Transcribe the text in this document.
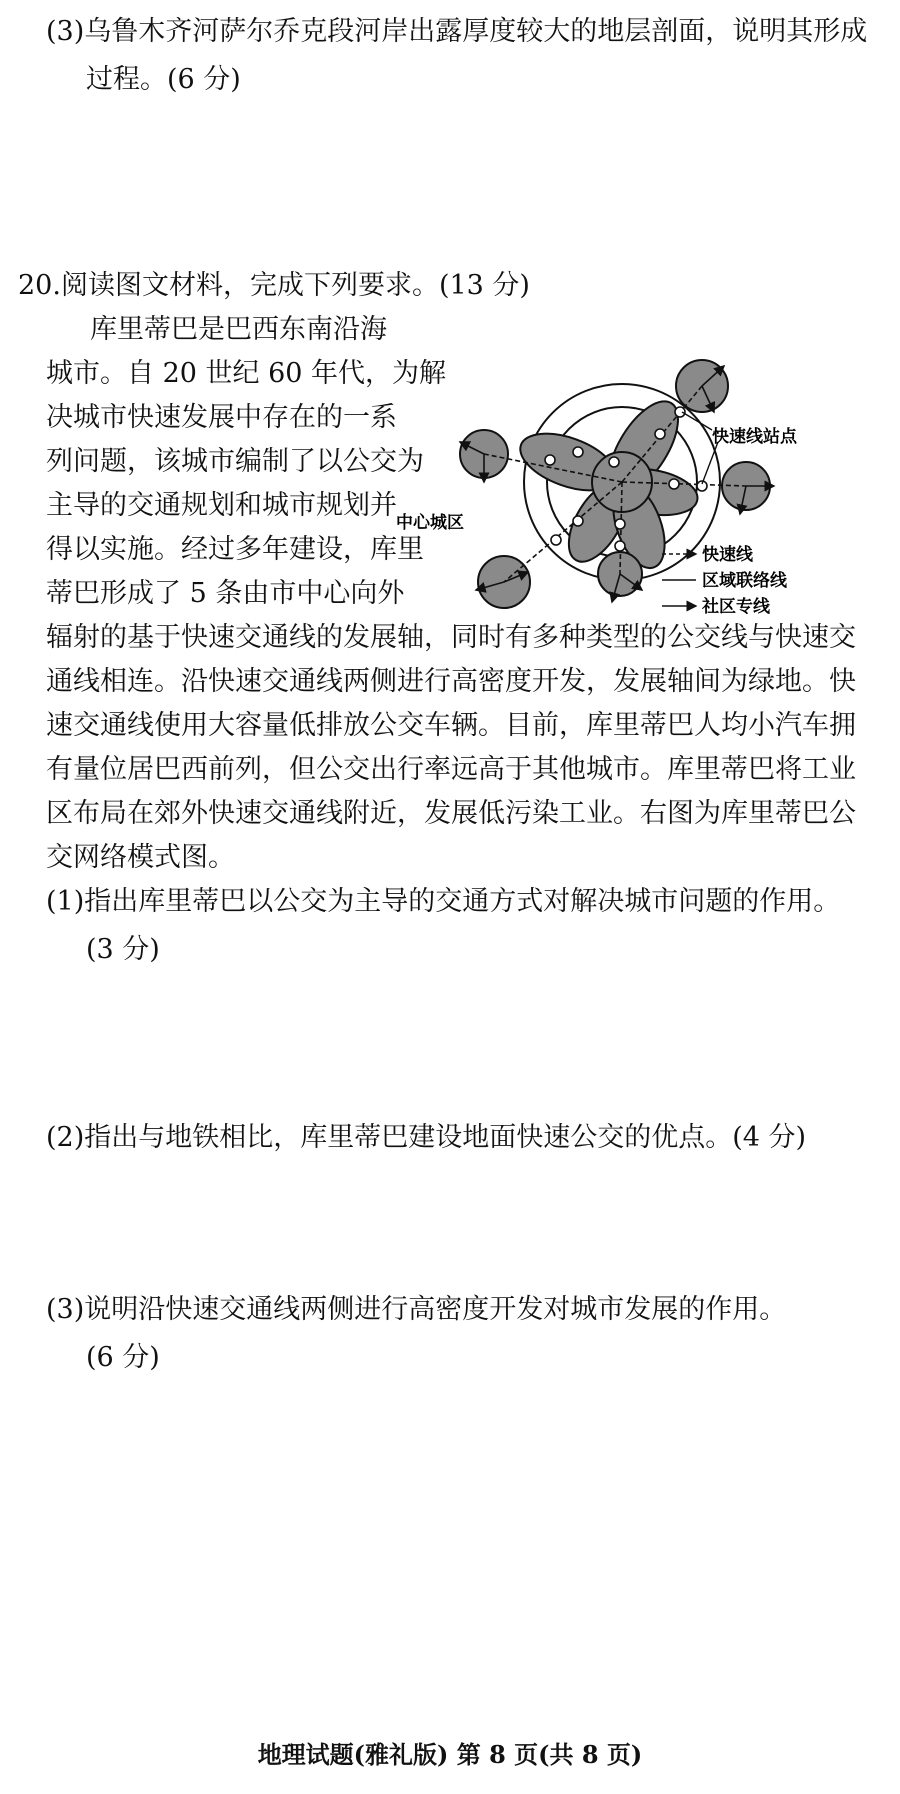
(3)乌鲁木齐河萨尔乔克段河岸出露厚度较大的地层剖面，说明其形成
过程。(6 分)
20.阅读图文材料，完成下列要求。(13 分)
库里蒂巴是巴西东南沿海
城市。自 20 世纪 60 年代，为解
决城市快速发展中存在的一系
列问题，该城市编制了以公交为
主导的交通规划和城市规划并
得以实施。经过多年建设，库里
蒂巴形成了 5 条由市中心向外
辐射的基于快速交通线的发展轴，同时有多种类型的公交线与快速交
通线相连。沿快速交通线两侧进行高密度开发，发展轴间为绿地。快
速交通线使用大容量低排放公交车辆。目前，库里蒂巴人均小汽车拥
有量位居巴西前列，但公交出行率远高于其他城市。库里蒂巴将工业
区布局在郊外快速交通线附近，发展低污染工业。右图为库里蒂巴公
交网络模式图。
(1)指出库里蒂巴以公交为主导的交通方式对解决城市问题的作用。
(3 分)
(2)指出与地铁相比，库里蒂巴建设地面快速公交的优点。(4 分)
(3)说明沿快速交通线两侧进行高密度开发对城市发展的作用。
(6 分)
快速线站点
中心城区
快速线
区域联络线
社区专线
地理试题(雅礼版) 第 8 页(共 8 页)
